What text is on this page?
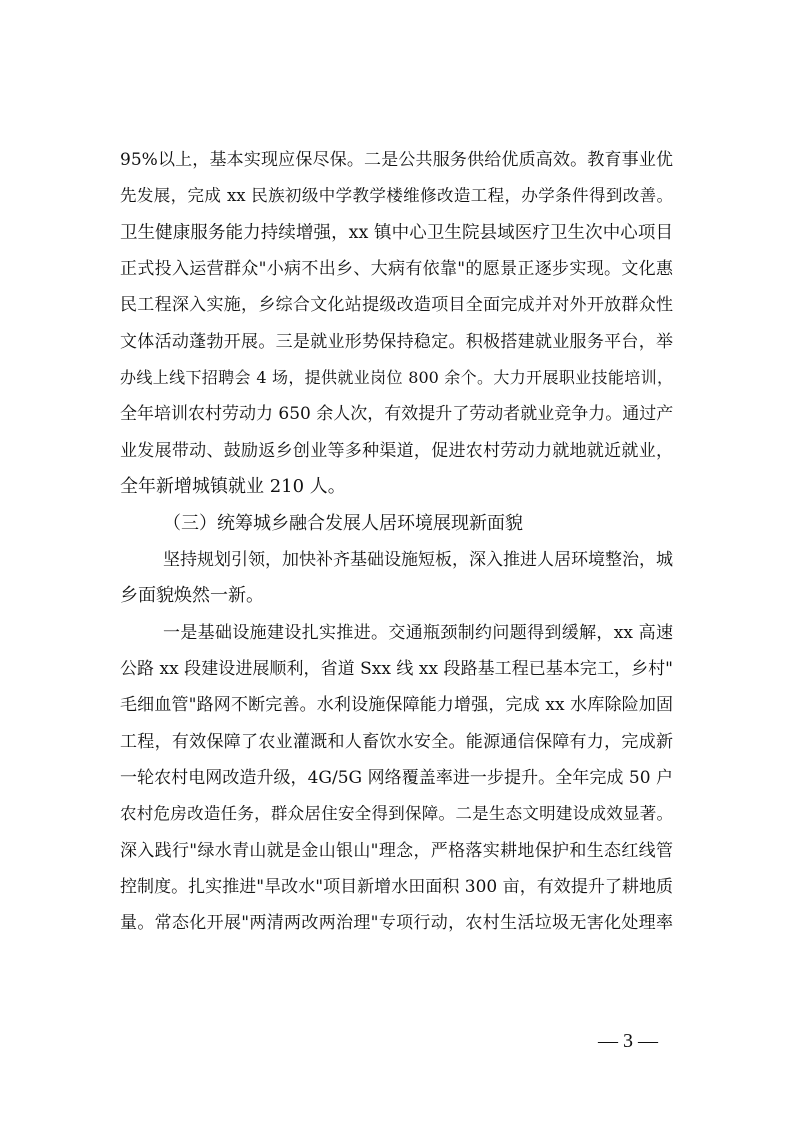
95%以上，基本实现应保尽保。二是公共服务供给优质高效。教育事业优
先发展，完成 xx 民族初级中学教学楼维修改造工程，办学条件得到改善。
卫生健康服务能力持续增强，xx 镇中心卫生院县域医疗卫生次中心项目
正式投入运营群众"小病不出乡、大病有依靠"的愿景正逐步实现。文化惠
民工程深入实施，乡综合文化站提级改造项目全面完成并对外开放群众性
文体活动蓬勃开展。三是就业形势保持稳定。积极搭建就业服务平台，举
办线上线下招聘会 4 场，提供就业岗位 800 余个。大力开展职业技能培训，
全年培训农村劳动力 650 余人次，有效提升了劳动者就业竞争力。通过产
业发展带动、鼓励返乡创业等多种渠道，促进农村劳动力就地就近就业，
全年新增城镇就业 210 人。
（三）统筹城乡融合发展人居环境展现新面貌
坚持规划引领，加快补齐基础设施短板，深入推进人居环境整治，城
乡面貌焕然一新。
一是基础设施建设扎实推进。交通瓶颈制约问题得到缓解，xx 高速
公路 xx 段建设进展顺利，省道 Sxx 线 xx 段路基工程已基本完工，乡村"
毛细血管"路网不断完善。水利设施保障能力增强，完成 xx 水库除险加固
工程，有效保障了农业灌溉和人畜饮水安全。能源通信保障有力，完成新
一轮农村电网改造升级，4G/5G 网络覆盖率进一步提升。全年完成 50 户
农村危房改造任务，群众居住安全得到保障。二是生态文明建设成效显著。
深入践行"绿水青山就是金山银山"理念，严格落实耕地保护和生态红线管
控制度。扎实推进"旱改水"项目新增水田面积 300 亩，有效提升了耕地质
量。常态化开展"两清两改两治理"专项行动，农村生活垃圾无害化处理率
— 3 —
